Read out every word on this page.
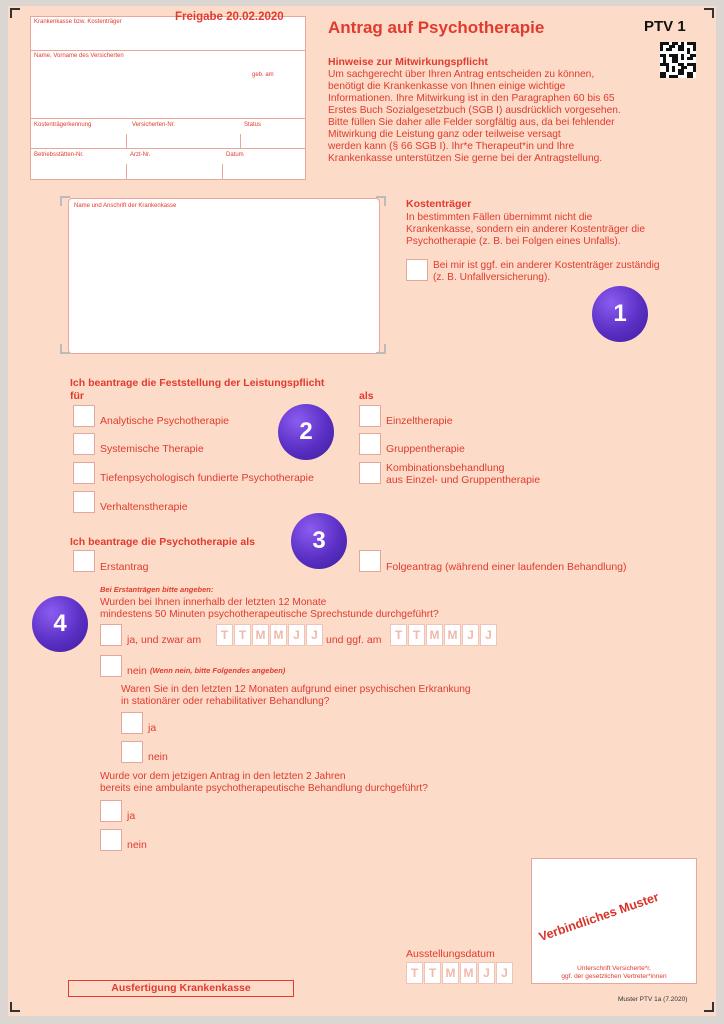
Krankenkasse bzw. Kostenträger	Freigabe 20.02.2020
Name, Vorname des Versicherten
geb. am
Kostenträgerkennung	Versicherten-Nr.	Status
Betriebsstätten-Nr.	Arzt-Nr.	Datum
Antrag auf Psychotherapie	PTV 1
Hinweise zur Mitwirkungspflicht
Um sachgerecht über Ihren Antrag entscheiden zu können,
benötigt die Krankenkasse von Ihnen einige wichtige
Informationen. Ihre Mitwirkung ist in den Paragraphen 60 bis 65
Erstes Buch Sozialgesetzbuch (SGB I) ausdrücklich vorgesehen.
Bitte füllen Sie daher alle Felder sorgfältig aus, da bei fehlender
Mitwirkung die Leistung ganz oder teilweise versagt
werden kann (§ 66 SGB I). Ihr*e Therapeut*in und Ihre
Krankenkasse unterstützen Sie gerne bei der Antragstellung.
Name und Anschrift der Krankenkasse	Kostenträger
In bestimmten Fällen übernimmt nicht die
Krankenkasse, sondern ein anderer Kostenträger die
Psychotherapie (z. B. bei Folgen eines Unfalls).
Bei mir ist ggf. ein anderer Kostenträger zuständig
(z. B. Unfallversicherung).
1
Ich beantrage die Feststellung der Leistungspflicht
für	als
Analytische Psychotherapie
Systemische Therapie
Tiefenpsychologisch fundierte Psychotherapie
Verhaltenstherapie
2	Einzeltherapie
Gruppentherapie
Kombinationsbehandlung
aus Einzel- und Gruppentherapie
Ich beantrage die Psychotherapie als	3
Erstantrag	Folgeantrag (während einer laufenden Behandlung)
4
Bei Erstanträgen bitte angeben:
Wurden bei Ihnen innerhalb der letzten 12 Monate
mindestens 50 Minuten psychotherapeutische Sprechstunde durchgeführt?
ja, und zwar am	T T M M J J und ggf. am	T T M M J J
nein (Wenn nein, bitte Folgendes angeben)
Waren Sie in den letzten 12 Monaten aufgrund einer psychischen Erkrankung
in stationärer oder rehabilitativer Behandlung?
ja
nein
Wurde vor dem jetzigen Antrag in den letzten 2 Jahren
bereits eine ambulante psychotherapeutische Behandlung durchgeführt?
ja
nein
Verbindliches Muster
Unterschrift Versicherte*r,
ggf. der gesetzlichen Vertreter*innen
Ausstellungsdatum
T T M M J J
Ausfertigung Krankenkasse
Muster PTV 1a (7.2020)
